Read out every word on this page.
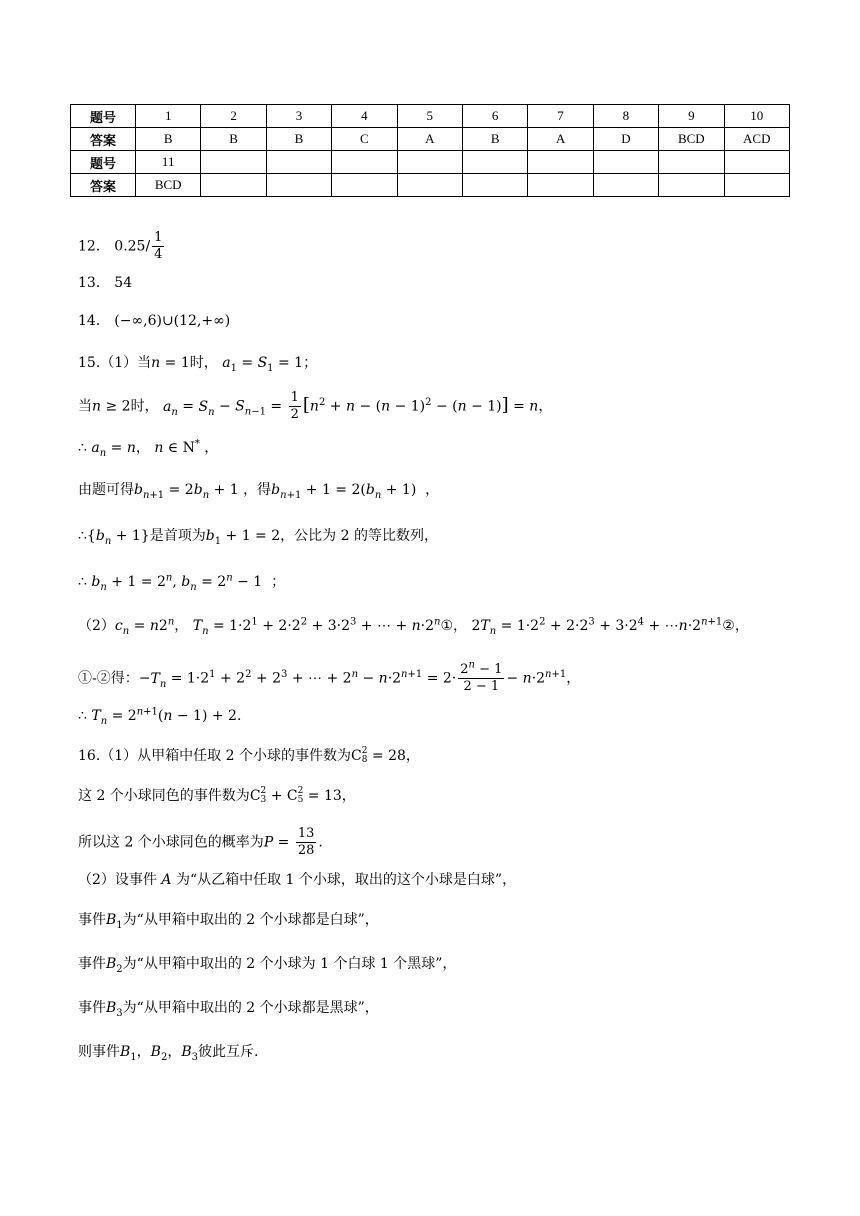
题号	1	2	3	4	5	6	7	8	9	10
答案	B	B	B	C	A	B	A	D	BCD	ACD
题号	11									
答案	BCD									
12． $0.25/ \frac{1}{4}$
13． 54
14． (−∞,6)∪(12,+∞)
15.（1）当n = 1时， $a_1 = S_1 = 1$；
当n ≥ 2时， $a_n = S_n - S_{n-1} = \frac{1}{2} [n^2 + n - (n - 1)^2 - (n - 1)] = n$，
∴ $a_n = n$， n ∈ N* ，
由题可得$b_{n+1} = 2b_n + 1$ ，得$b_{n+1} + 1 = 2(b_n + 1)$  ，
$\therefore\{b_n + 1\}$是首项为$b_1 + 1 = 2$，公比为 2 的等比数列，
∴ $b_n + 1 = 2^n$, $b_n = 2^n - 1$  ；
$(2)c_n = n2^n$， $T_n = 1\cdot 2^1 + 2\cdot 2^2 + 3\cdot 2^3$ + ⋯ + $n\cdot 2^n①$， $2T_n = 1\cdot 2^2 + 2\cdot 2^3 + 3\cdot 2^4$ + $\cdots n\cdot 2^{n+1}②$，
①-②得：$-T_n = 1\cdot 2^1 + 2^2 + 2^3$ + ⋯ + $2^n - n\cdot 2^{n+1} = 2\cdot \frac{2^n - 1}{2 - 1} - n\cdot 2^{n+1}$，
∴ $T_n = 2^{n+1}(n - 1) + 2$.
16.（1）从甲箱中任取 2 个小球的事件数为C 2
8 = 28，
这 2 个小球同色的事件数为C 2
3 + C 2
5 = 13，
所以这 2 个小球同色的概率为$P = \frac{13}{28}$ .
（2）设事件 A 为“从乙箱中任取 1 个小球，取出的这个小球是白球”，
事件$B_1$为“从甲箱中取出的 2 个小球都是白球”，
事件$B_2$为“从甲箱中取出的 2 个小球为 1 个白球 1 个黑球”，
事件$B_3$为“从甲箱中取出的 2 个小球都是黑球”，
则事件$B_1$，$B_2$，$B_3$彼此互斥.
